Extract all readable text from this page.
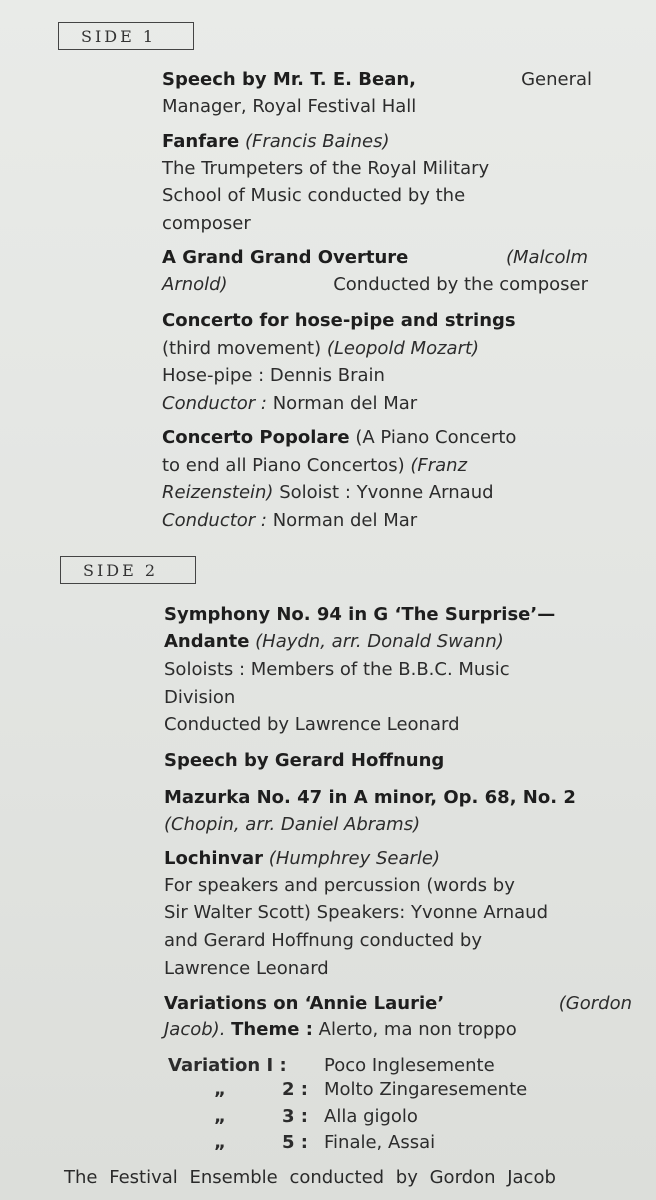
SIDE 1
Speech by Mr. T. E. Bean,	General
Manager, Royal Festival Hall
Fanfare (Francis Baines)
The Trumpeters of the Royal Military
School of Music conducted by the
composer
A Grand Grand Overture	(Malcolm
Arnold)	Conducted by the composer
Concerto for hose-pipe and strings
(third movement) (Leopold Mozart)
Hose-pipe : Dennis Brain
Conductor : Norman del Mar
Concerto Popolare (A Piano Concerto
to end all Piano Concertos) (Franz
Reizenstein) Soloist : Yvonne Arnaud
Conductor : Norman del Mar
SIDE 2
Symphony No. 94 in G ‘The Surprise’—
Andante (Haydn, arr. Donald Swann)
Soloists : Members of the B.B.C. Music
Division
Conducted by Lawrence Leonard
Speech by Gerard Hoffnung
Mazurka No. 47 in A minor, Op. 68, No. 2
(Chopin, arr. Daniel Abrams)
Lochinvar (Humphrey Searle)
For speakers and percussion (words by
Sir Walter Scott) Speakers: Yvonne Arnaud
and Gerard Hoffnung conducted by
Lawrence Leonard
Variations on ‘Annie Laurie’	(Gordon
Jacob). Theme : Alerto, ma non troppo
Variation I : Poco Inglesemente
„	2 : Molto Zingaresemente
„	3 : Alla gigolo
„	5 : Finale, Assai
The Festival Ensemble conducted by Gordon Jacob
